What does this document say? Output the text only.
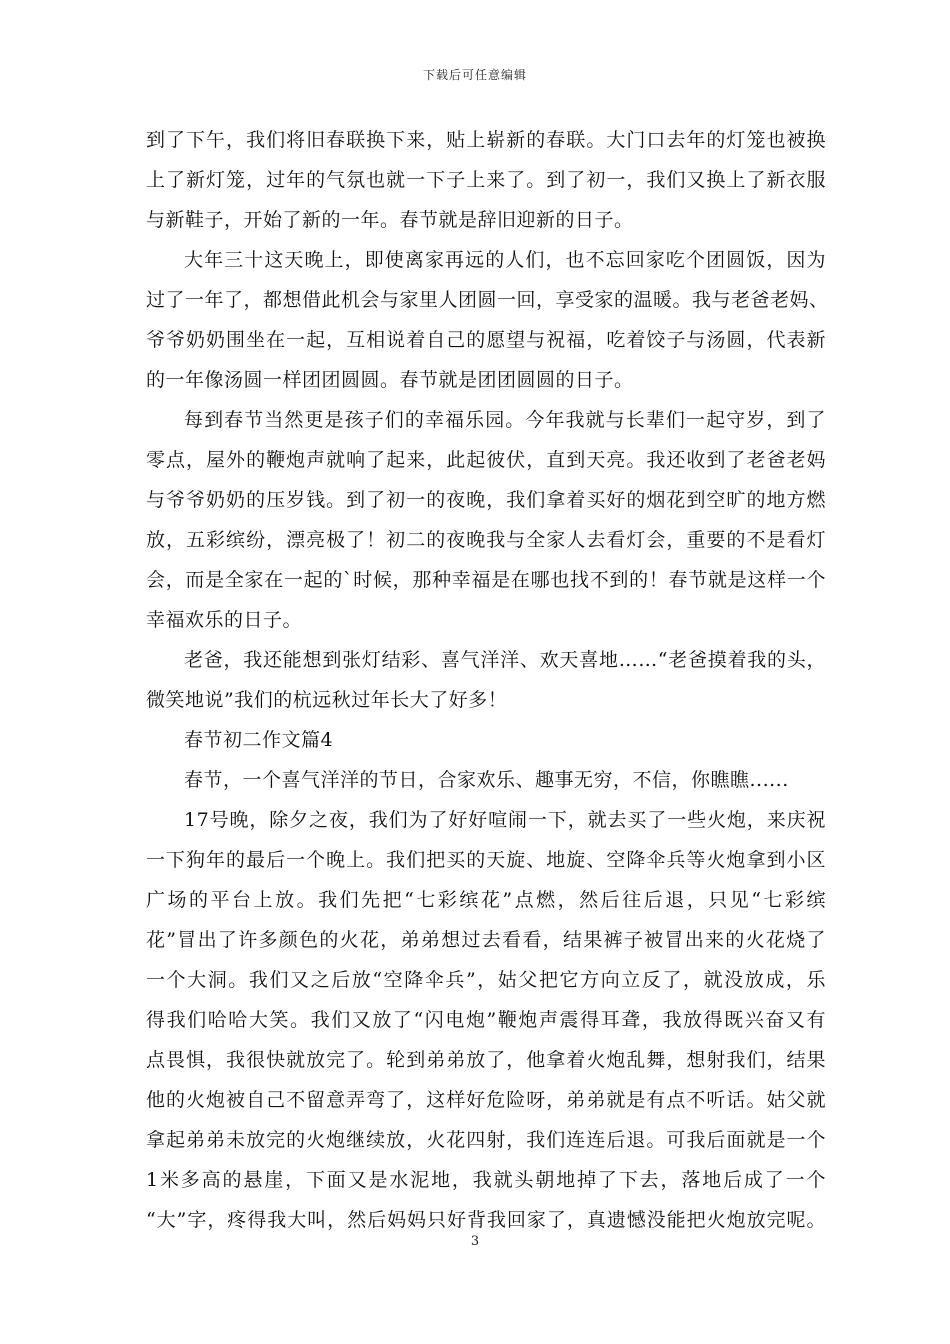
下载后可任意编辑
到了下午，我们将旧春联换下来，贴上崭新的春联。大门口去年的灯笼也被换
上了新灯笼，过年的气氛也就一下子上来了。到了初一，我们又换上了新衣服
与新鞋子，开始了新的一年。春节就是辞旧迎新的日子。
大年三十这天晚上，即使离家再远的人们，也不忘回家吃个团圆饭，因为
过了一年了，都想借此机会与家里人团圆一回，享受家的温暖。我与老爸老妈、
爷爷奶奶围坐在一起，互相说着自己的愿望与祝福，吃着饺子与汤圆，代表新
的一年像汤圆一样团团圆圆。春节就是团团圆圆的日子。
每到春节当然更是孩子们的幸福乐园。今年我就与长辈们一起守岁，到了
零点，屋外的鞭炮声就响了起来，此起彼伏，直到天亮。我还收到了老爸老妈
与爷爷奶奶的压岁钱。到了初一的夜晚，我们拿着买好的烟花到空旷的地方燃
放，五彩缤纷，漂亮极了！初二的夜晚我与全家人去看灯会，重要的不是看灯
会，而是全家在一起的`时候，那种幸福是在哪也找不到的！春节就是这样一个
幸福欢乐的日子。
老爸，我还能想到张灯结彩、喜气洋洋、欢天喜地……“老爸摸着我的头，
微笑地说”我们的杭远秋过年长大了好多！
春节初二作文篇4
春节，一个喜气洋洋的节日，合家欢乐、趣事无穷，不信，你瞧瞧......
17号晚，除夕之夜，我们为了好好喧闹一下，就去买了一些火炮，来庆祝
一下狗年的最后一个晚上。我们把买的天旋、地旋、空降伞兵等火炮拿到小区
广场的平台上放。我们先把“七彩缤花”点燃，然后往后退，只见“七彩缤
花”冒出了许多颜色的火花，弟弟想过去看看，结果裤子被冒出来的火花烧了
一个大洞。我们又之后放“空降伞兵”，姑父把它方向立反了，就没放成，乐
得我们哈哈大笑。我们又放了“闪电炮”鞭炮声震得耳聋，我放得既兴奋又有
点畏惧，我很快就放完了。轮到弟弟放了，他拿着火炮乱舞，想射我们，结果
他的火炮被自己不留意弄弯了，这样好危险呀，弟弟就是有点不听话。姑父就
拿起弟弟未放完的火炮继续放，火花四射，我们连连后退。可我后面就是一个
1米多高的悬崖，下面又是水泥地，我就头朝地掉了下去，落地后成了一个
“大”字，疼得我大叫，然后妈妈只好背我回家了，真遗憾没能把火炮放完呢。
3
